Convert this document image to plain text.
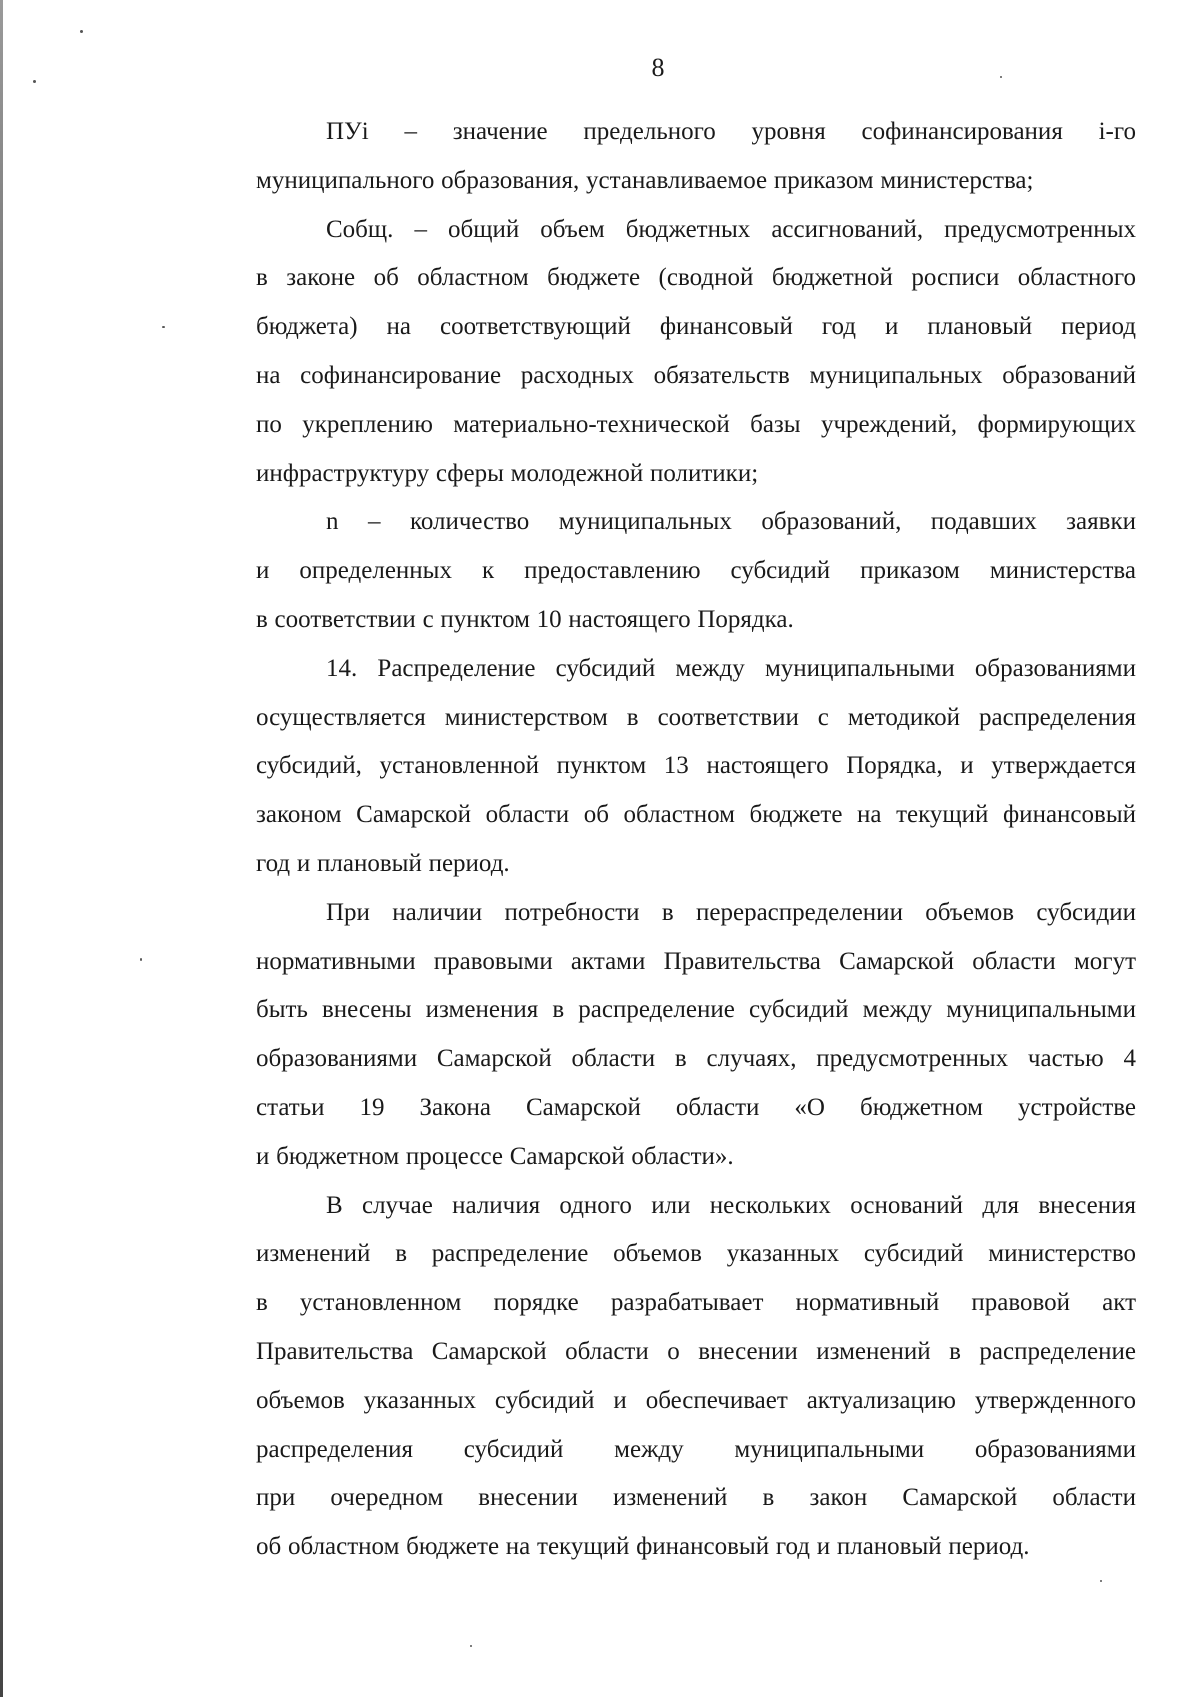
8

ПУi – значение предельного уровня софинансирования i-го
муниципального образования, устанавливаемое приказом министерства;

Собщ. – общий объем бюджетных ассигнований, предусмотренных
в законе об областном бюджете (сводной бюджетной росписи областного
бюджета) на соответствующий финансовый год и плановый период
на софинансирование расходных обязательств муниципальных образований
по укреплению материально-технической базы учреждений, формирующих
инфраструктуру сферы молодежной политики;

n – количество муниципальных образований, подавших заявки
и определенных к предоставлению субсидий приказом министерства
в соответствии с пунктом 10 настоящего Порядка.

14. Распределение субсидий между муниципальными образованиями
осуществляется министерством в соответствии с методикой распределения
субсидий, установленной пунктом 13 настоящего Порядка, и утверждается
законом Самарской области об областном бюджете на текущий финансовый
год и плановый период.

При наличии потребности в перераспределении объемов субсидии
нормативными правовыми актами Правительства Самарской области могут
быть внесены изменения в распределение субсидий между муниципальными
образованиями Самарской области в случаях, предусмотренных частью 4
статьи 19 Закона Самарской области «О бюджетном устройстве
и бюджетном процессе Самарской области».

В случае наличия одного или нескольких оснований для внесения
изменений в распределение объемов указанных субсидий министерство
в установленном порядке разрабатывает нормативный правовой акт
Правительства Самарской области о внесении изменений в распределение
объемов указанных субсидий и обеспечивает актуализацию утвержденного
распределения субсидий между муниципальными образованиями
при очередном внесении изменений в закон Самарской области
об областном бюджете на текущий финансовый год и плановый период.
